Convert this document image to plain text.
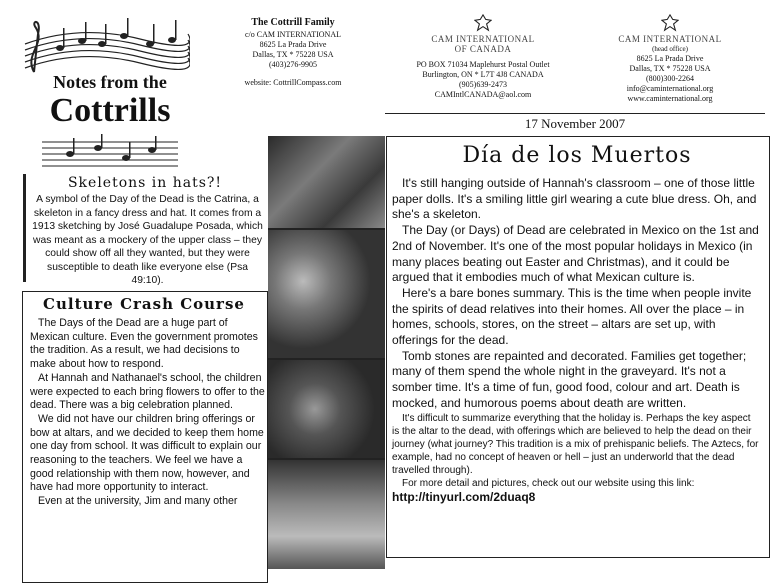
Notes from the
Cottrills
The Cottrill Family
c/o CAM INTERNATIONAL
8625 La Prada Drive
Dallas, TX * 75228 USA
(403)276-9905
website: CottrillCompass.com
CAM INTERNATIONAL
OF CANADA
PO BOX 71034 Maplehurst Postal Outlet
Burlington, ON * L7T 4J8 CANADA
(905)639-2473
CAMIntlCANADA@aol.com
CAM INTERNATIONAL
(head office)
8625 La Prada Drive
Dallas, TX * 75228 USA
(800)300-2264
info@caminternational.org
www.caminternational.org
17 November 2007
Skeletons in hats?!
A symbol of the Day of the Dead is the Catrina, a skeleton in a fancy dress and hat. It comes from a 1913 sketching by José Guadalupe Posada, which was meant as a mockery of the upper class – they could show off all they wanted, but they were susceptible to death like everyone else (Psa 49:10).
Culture Crash Course

The Days of the Dead are a huge part of Mexican culture. Even the government promotes the tradition. As a result, we had decisions to make about how to respond.

At Hannah and Nathanael's school, the children were expected to each bring flowers to offer to the dead. There was a big celebration planned.

We did not have our children bring offerings or bow at altars, and we decided to keep them home one day from school. It was difficult to explain our reasoning to the teachers. We feel we have a good relationship with them now, however, and have had more opportunity to interact.

Even at the university, Jim and many other

Día de los Muertos

It's still hanging outside of Hannah's classroom – one of those little paper dolls. It's a smiling little girl wearing a cute blue dress. Oh, and she's a skeleton.

The Day (or Days) of Dead are celebrated in Mexico on the 1st and 2nd of November. It's one of the most popular holidays in Mexico (in many places beating out Easter and Christmas), and it could be argued that it embodies much of what Mexican culture is.

Here's a bare bones summary. This is the time when people invite the spirits of dead relatives into their homes. All over the place – in homes, schools, stores, on the street – altars are set up, with offerings for the dead.

Tomb stones are repainted and decorated. Families get together; many of them spend the whole night in the graveyard. It's not a somber time. It's a time of fun, good food, colour and art. Death is mocked, and humorous poems about death are written.

It's difficult to summarize everything that the holiday is. Perhaps the key aspect is the altar to the dead, with offerings which are believed to help the dead on their journey (what journey? This tradition is a mix of prehispanic beliefs. The Aztecs, for example, had no concept of heaven or hell – just an underworld that the dead travelled through).

For more detail and pictures, check out our website using this link:

http://tinyurl.com/2duaq8
